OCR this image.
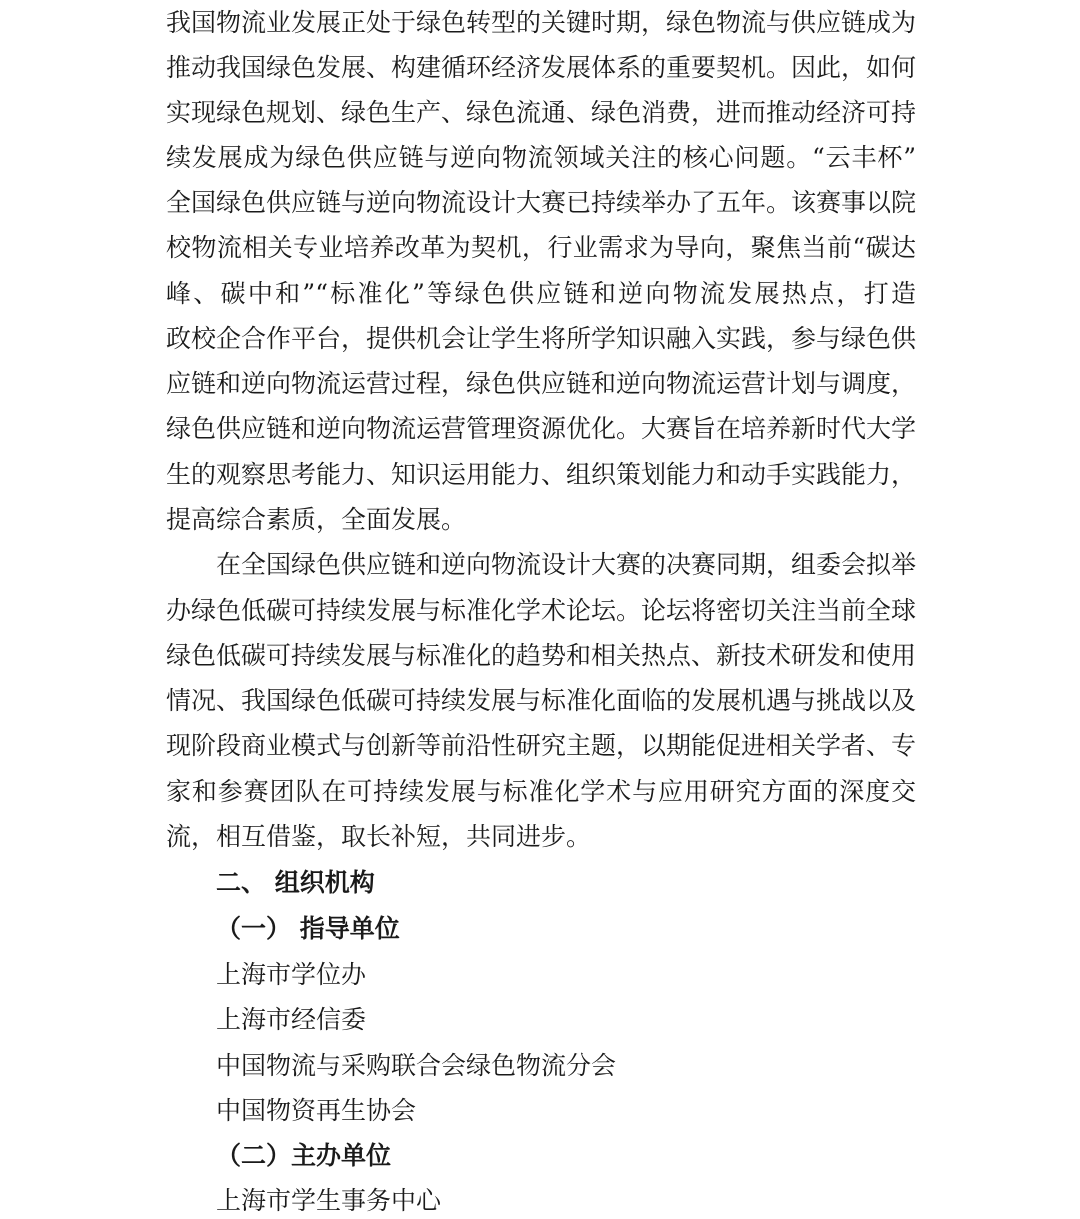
我国物流业发展正处于绿色转型的关键时期，绿色物流与供应链成为
推动我国绿色发展、构建循环经济发展体系的重要契机。因此，如何
实现绿色规划、绿色生产、绿色流通、绿色消费，进而推动经济可持
续发展成为绿色供应链与逆向物流领域关注的核心问题。“云丰杯”
全国绿色供应链与逆向物流设计大赛已持续举办了五年。该赛事以院
校物流相关专业培养改革为契机，行业需求为导向，聚焦当前“碳达
峰、碳中和”“标准化”等绿色供应链和逆向物流发展热点，打造
政校企合作平台，提供机会让学生将所学知识融入实践，参与绿色供
应链和逆向物流运营过程，绿色供应链和逆向物流运营计划与调度，
绿色供应链和逆向物流运营管理资源优化。大赛旨在培养新时代大学
生的观察思考能力、知识运用能力、组织策划能力和动手实践能力，
提高综合素质，全面发展。
在全国绿色供应链和逆向物流设计大赛的决赛同期，组委会拟举
办绿色低碳可持续发展与标准化学术论坛。论坛将密切关注当前全球
绿色低碳可持续发展与标准化的趋势和相关热点、新技术研发和使用
情况、我国绿色低碳可持续发展与标准化面临的发展机遇与挑战以及
现阶段商业模式与创新等前沿性研究主题，以期能促进相关学者、专
家和参赛团队在可持续发展与标准化学术与应用研究方面的深度交
流，相互借鉴，取长补短，共同进步。
二、 组织机构
（一） 指导单位
上海市学位办
上海市经信委
中国物流与采购联合会绿色物流分会
中国物资再生协会
（二）主办单位
上海市学生事务中心
